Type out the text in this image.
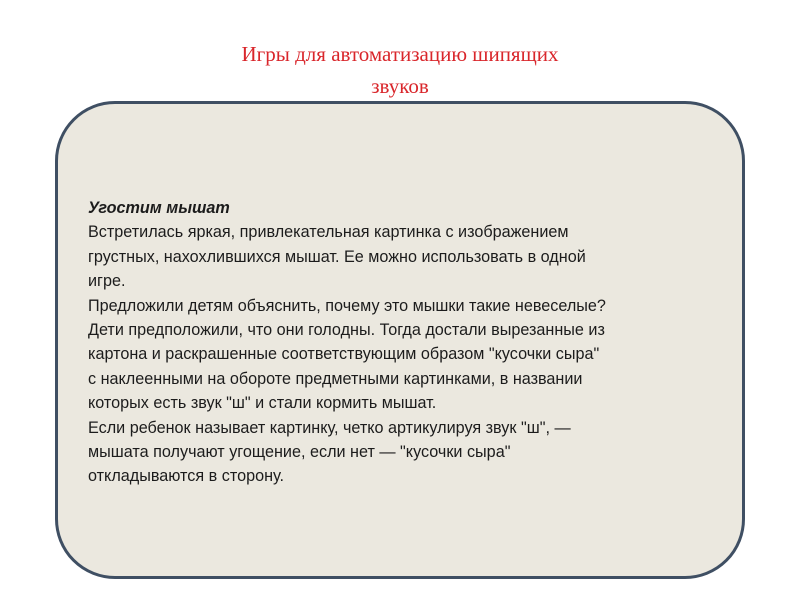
Игры для автоматизацию шипящих
звуков
Угостим мышат
Встретилась яркая, привлекательная картинка с изображением
грустных, нахохлившихся мышат. Ее можно использовать в одной
игре.
Предложили детям объяснить, почему это мышки такие невеселые?
Дети предположили, что они голодны. Тогда достали вырезанные из
картона и раскрашенные соответствующим образом "кусочки сыра"
с наклеенными на обороте предметными картинками, в названии
которых есть звук "ш" и стали кормить мышат.
Если ребенок называет картинку, четко артикулируя звук "ш", —
мышата получают угощение, если нет — "кусочки сыра"
откладываются в сторону.
